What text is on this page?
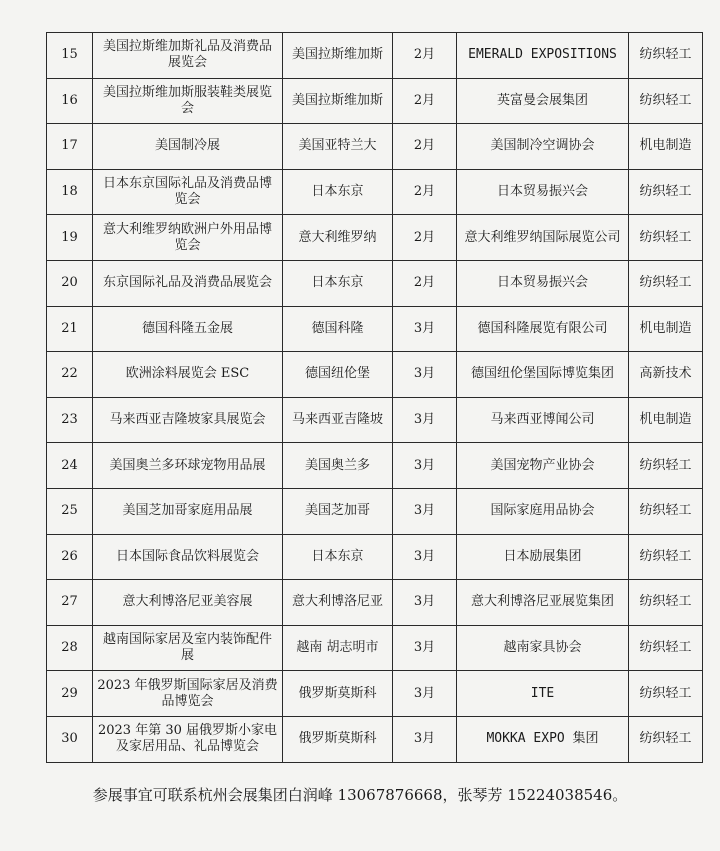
15	美国拉斯维加斯礼品及消费品展览会	美国拉斯维加斯	2月	EMERALD EXPOSITIONS	纺织轻工
16	美国拉斯维加斯服装鞋类展览会	美国拉斯维加斯	2月	英富曼会展集团	纺织轻工
17	美国制冷展	美国亚特兰大	2月	美国制冷空调协会	机电制造
18	日本东京国际礼品及消费品博览会	日本东京	2月	日本贸易振兴会	纺织轻工
19	意大利维罗纳欧洲户外用品博览会	意大利维罗纳	2月	意大利维罗纳国际展览公司	纺织轻工
20	东京国际礼品及消费品展览会	日本东京	2月	日本贸易振兴会	纺织轻工
21	德国科隆五金展	德国科隆	3月	德国科隆展览有限公司	机电制造
22	欧洲涂料展览会 ESC	德国纽伦堡	3月	德国纽伦堡国际博览集团	高新技术
23	马来西亚吉隆坡家具展览会	马来西亚吉隆坡	3月	马来西亚博闻公司	机电制造
24	美国奥兰多环球宠物用品展	美国奥兰多	3月	美国宠物产业协会	纺织轻工
25	美国芝加哥家庭用品展	美国芝加哥	3月	国际家庭用品协会	纺织轻工
26	日本国际食品饮料展览会	日本东京	3月	日本励展集团	纺织轻工
27	意大利博洛尼亚美容展	意大利博洛尼亚	3月	意大利博洛尼亚展览集团	纺织轻工
28	越南国际家居及室内装饰配件展	越南 胡志明市	3月	越南家具协会	纺织轻工
29	2023 年俄罗斯国际家居及消费品博览会	俄罗斯莫斯科	3月	ITE	纺织轻工
30	2023 年第 30 届俄罗斯小家电及家居用品、礼品博览会	俄罗斯莫斯科	3月	MOKKA EXPO 集团	纺织轻工
参展事宜可联系杭州会展集团白润峰 13067876668，张琴芳 15224038546。
